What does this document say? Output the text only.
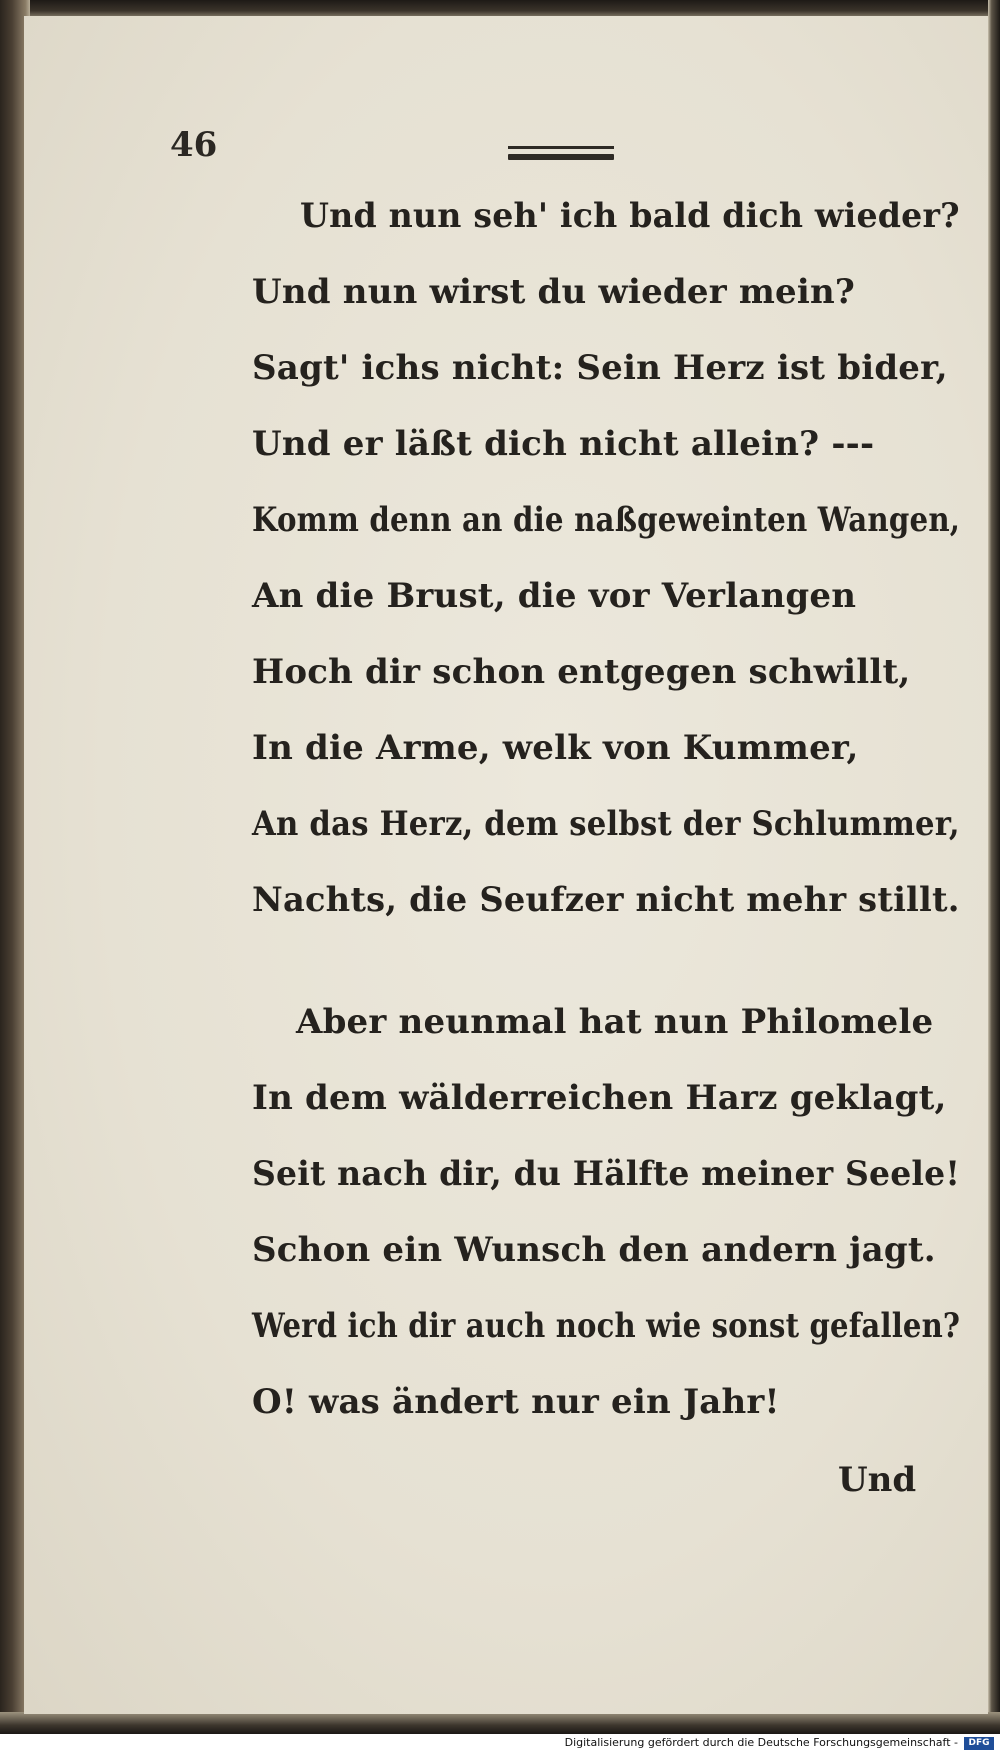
46
Und nun seh' ich bald dich wieder?
Und nun wirst du wieder mein?
Sagt' ichs nicht: Sein Herz ist bider,
Und er läßt dich nicht allein? ---
Komm denn an die naßgeweinten Wangen,
An die Brust, die vor Verlangen
Hoch dir schon entgegen schwillt,
In die Arme, welk von Kummer,
An das Herz, dem selbst der Schlummer,
Nachts, die Seufzer nicht mehr stillt.
Aber neunmal hat nun Philomele
In dem wälderreichen Harz geklagt,
Seit nach dir, du Hälfte meiner Seele!
Schon ein Wunsch den andern jagt.
Werd ich dir auch noch wie sonst gefallen?
O! was ändert nur ein Jahr!
Und
Digitalisierung gefördert durch die Deutsche Forschungsgemeinschaft -	DFG
